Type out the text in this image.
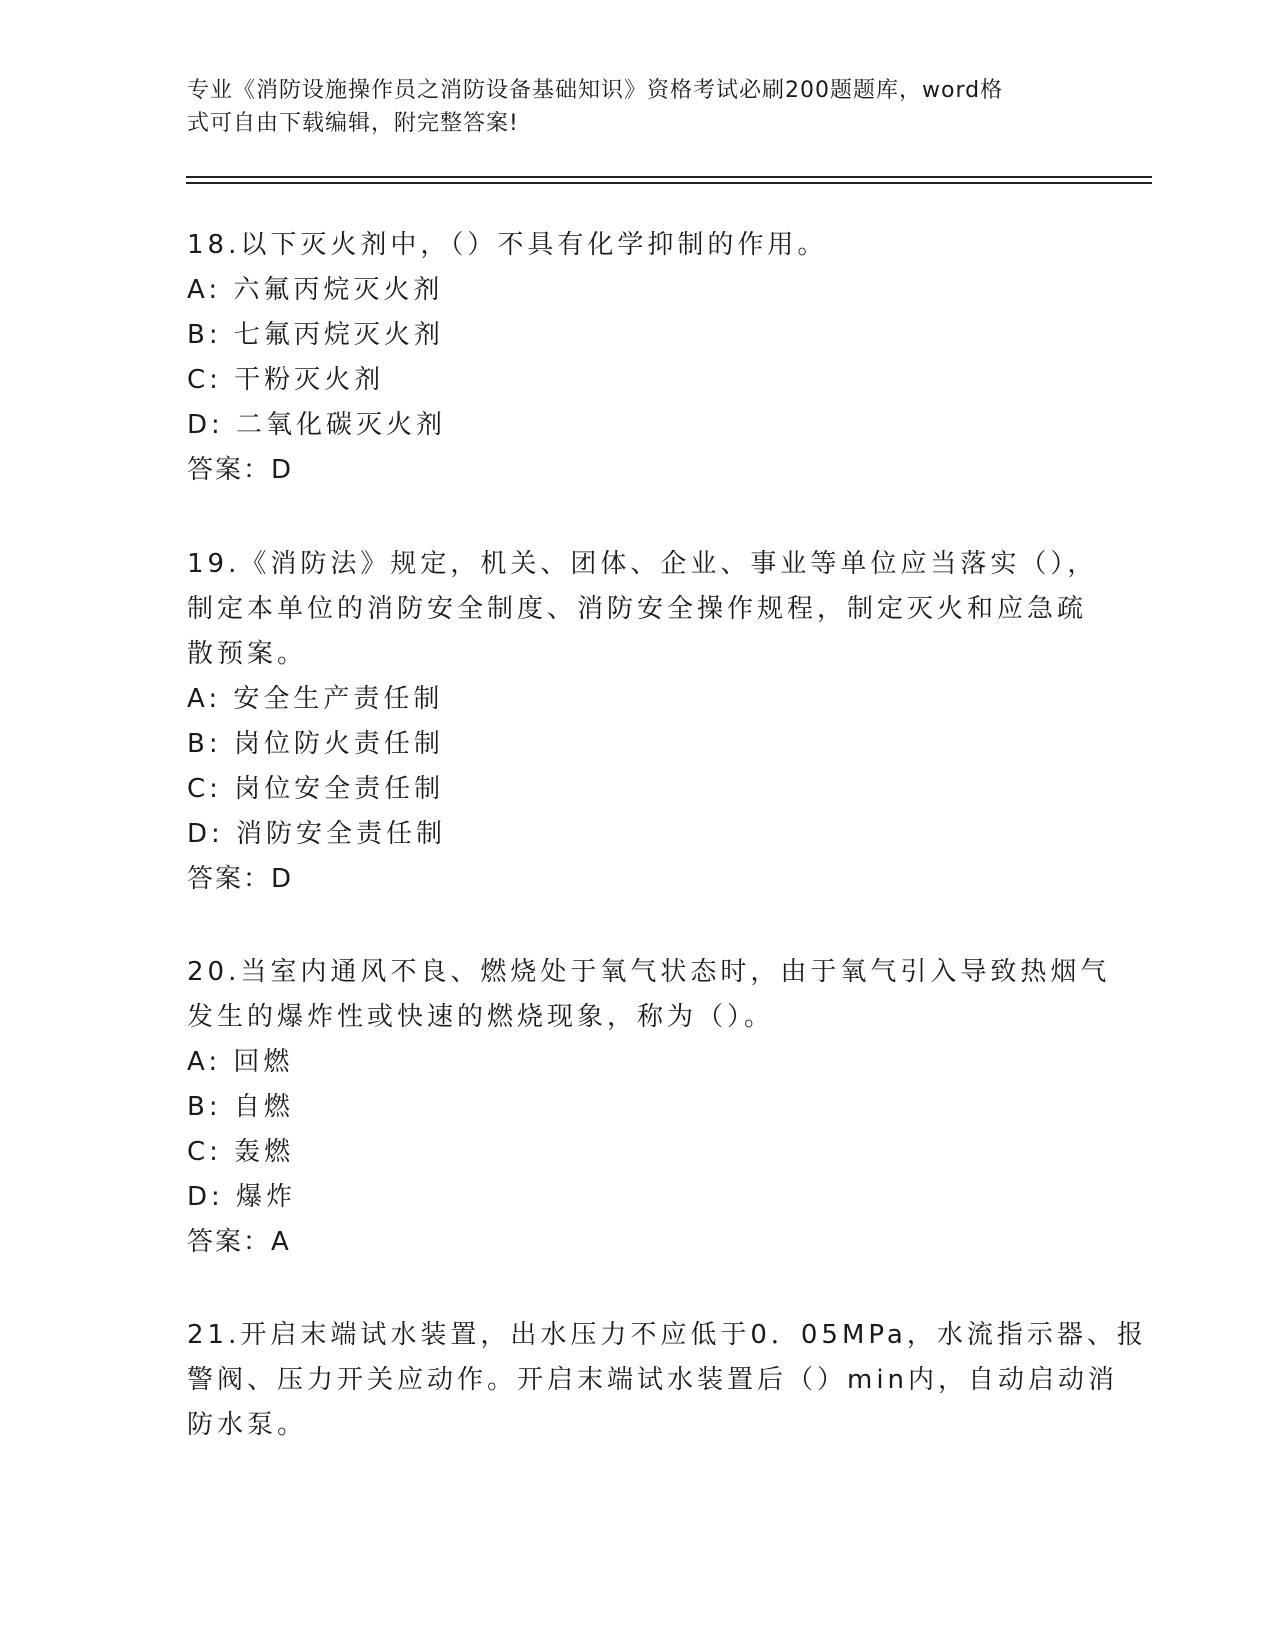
专业《消防设施操作员之消防设备基础知识》资格考试必刷200题题库，word格
式可自由下载编辑，附完整答案!
18.以下灭火剂中，（）不具有化学抑制的作用。
A: 六氟丙烷灭火剂
B: 七氟丙烷灭火剂
C: 干粉灭火剂
D: 二氧化碳灭火剂
答案：D
19.《消防法》规定，机关、团体、企业、事业等单位应当落实（），
制定本单位的消防安全制度、消防安全操作规程，制定灭火和应急疏
散预案。
A: 安全生产责任制
B: 岗位防火责任制
C: 岗位安全责任制
D: 消防安全责任制
答案：D
20.当室内通风不良、燃烧处于氧气状态时，由于氧气引入导致热烟气
发生的爆炸性或快速的燃烧现象，称为（）。
A: 回燃
B: 自燃
C: 轰燃
D: 爆炸
答案：A
21.开启末端试水装置，出水压力不应低于0．05MPa，水流指示器、报
警阀、压力开关应动作。开启末端试水装置后（）min内，自动启动消
防水泵。
